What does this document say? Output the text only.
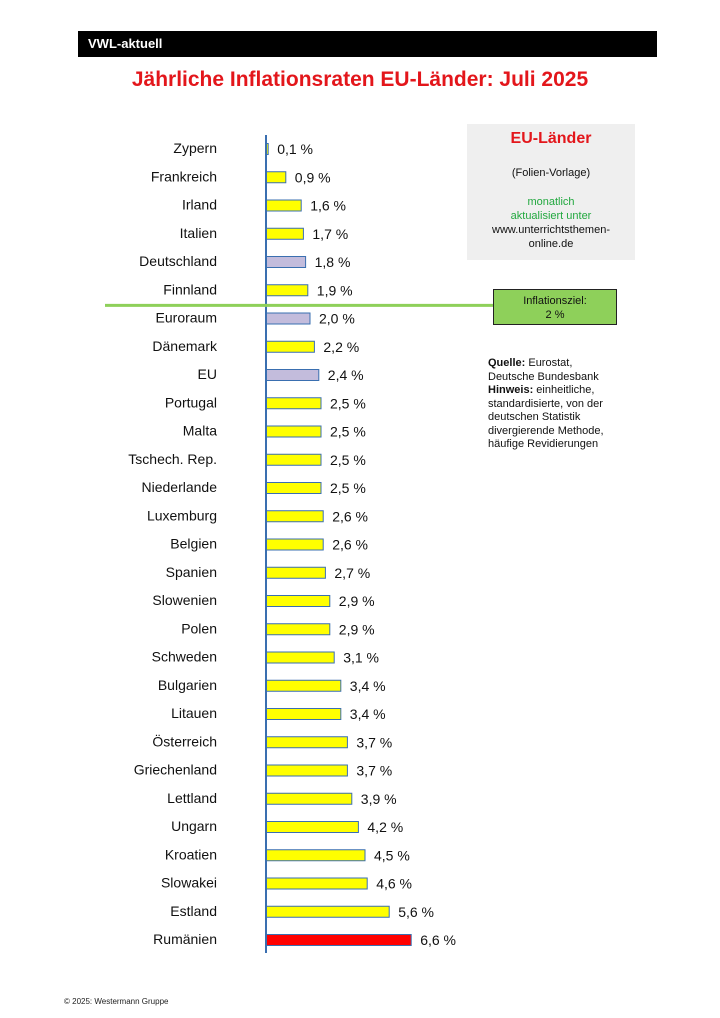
VWL-aktuell
Jährliche Inflationsraten EU-Länder: Juli 2025
Zypern	0,1 %
Frankreich	0,9 %
Irland	1,6 %
Italien	1,7 %
Deutschland	1,8 %
Finnland	1,9 %
Euroraum	2,0 %
Dänemark	2,2 %
EU	2,4 %
Portugal	2,5 %
Malta	2,5 %
Tschech. Rep.	2,5 %
Niederlande	2,5 %
Luxemburg	2,6 %
Belgien	2,6 %
Spanien	2,7 %
Slowenien	2,9 %
Polen	2,9 %
Schweden	3,1 %
Bulgarien	3,4 %
Litauen	3,4 %
Österreich	3,7 %
Griechenland	3,7 %
Lettland	3,9 %
Ungarn	4,2 %
Kroatien	4,5 %
Slowakei	4,6 %
Estland	5,6 %
Rumänien	6,6 %
EU-Länder
(Folien-Vorlage)
monatlich
aktualisiert unter
www.unterrichtsthemen-
online.de
Inflationsziel:
2 %
Quelle: Eurostat,
Deutsche Bundesbank
Hinweis: einheitliche,
standardisierte, von der
deutschen Statistik
divergierende Methode,
häufige Revidierungen
© 2025: Westermann Gruppe
